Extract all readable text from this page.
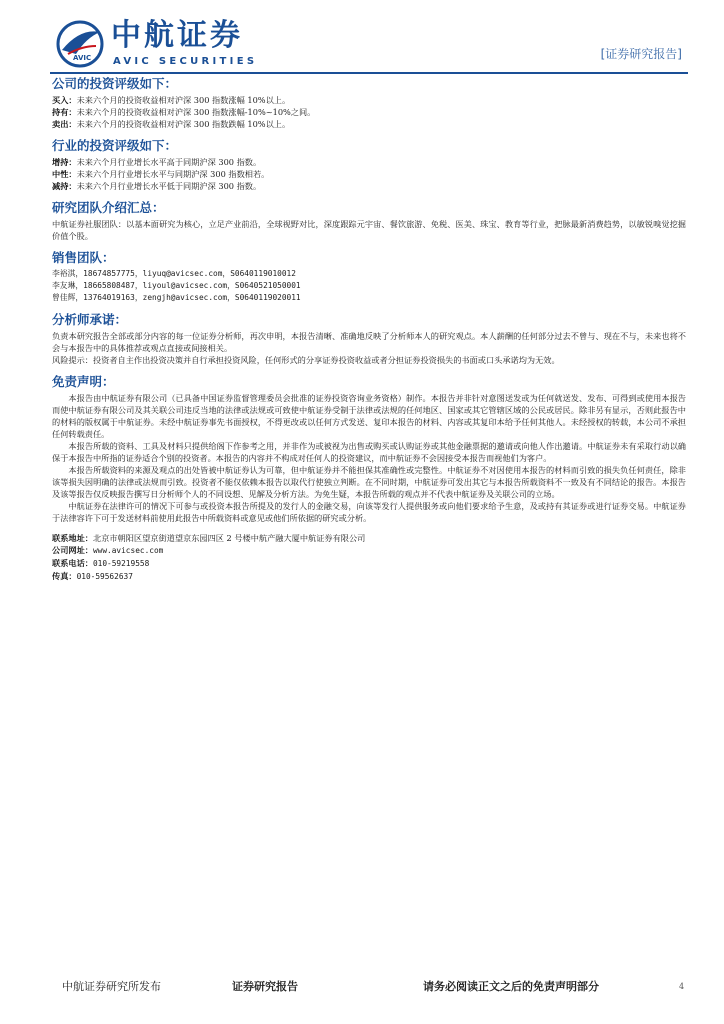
AVIC
中航证券
AVIC SECURITIES
[证券研究报告]
公司的投资评级如下：
买入：未来六个月的投资收益相对沪深 300 指数涨幅 10%以上。
持有：未来六个月的投资收益相对沪深 300 指数涨幅-10%~10%之间。
卖出：未来六个月的投资收益相对沪深 300 指数跌幅 10%以上。
行业的投资评级如下：
增持：未来六个月行业增长水平高于同期沪深 300 指数。
中性：未来六个月行业增长水平与同期沪深 300 指数相若。
减持：未来六个月行业增长水平低于同期沪深 300 指数。
研究团队介绍汇总：
中航证券社服团队：以基本面研究为核心，立足产业前沿，全球视野对比，深度跟踪元宇宙、餐饮旅游、免税、医美、珠宝、教育等行业，把脉最新消费趋势，以敏锐嗅觉挖掘价值个股。
销售团队：
李裕淇，18674857775，liyuq@avicsec.com，S0640119010012
李友琳，18665808487，liyoul@avicsec.com，S0640521050001
曾佳辉，13764019163，zengjh@avicsec.com，S0640119020011
分析师承诺：
负责本研究报告全部或部分内容的每一位证券分析师，再次申明，本报告清晰、准确地反映了分析师本人的研究观点。本人薪酬的任何部分过去不曾与、现在不与，未来也将不会与本报告中的具体推荐或观点直接或间接相关。
风险提示：投资者自主作出投资决策并自行承担投资风险，任何形式的分享证券投资收益或者分担证券投资损失的书面或口头承诺均为无效。
免责声明：
本报告由中航证券有限公司（已具备中国证券监督管理委员会批准的证券投资咨询业务资格）制作。本报告并非针对意图送发或为任何就送发、发布、可得到或使用本报告而使中航证券有限公司及其关联公司违反当地的法律或法规或可致使中航证券受制于法律或法规的任何地区、国家或其它管辖区域的公民或居民。除非另有显示，否则此报告中的材料的版权属于中航证券。未经中航证券事先书面授权，不得更改或以任何方式发送、复印本报告的材料、内容或其复印本给予任何其他人。未经授权的转载，本公司不承担任何转载责任。
本报告所载的资料、工具及材料只提供给阁下作参考之用，并非作为或被视为出售或购买或认购证券或其他金融票据的邀请或向他人作出邀请。中航证券未有采取行动以确保于本报告中所指的证券适合个别的投资者。本报告的内容并不构成对任何人的投资建议，而中航证券不会因接受本报告而视他们为客户。
本报告所载资料的来源及观点的出处皆被中航证券认为可靠，但中航证券并不能担保其准确性或完整性。中航证券不对因使用本报告的材料而引致的损失负任何责任，除非该等损失因明确的法律或法规而引致。投资者不能仅依赖本报告以取代行使独立判断。在不同时期，中航证券可发出其它与本报告所载资料不一致及有不同结论的报告。本报告及该等报告仅反映报告撰写日分析师个人的不同设想、见解及分析方法。为免生疑，本报告所载的观点并不代表中航证券及关联公司的立场。
中航证券在法律许可的情况下可参与或投资本报告所提及的发行人的金融交易，向该等发行人提供服务或向他们要求给予生意，及或持有其证券或进行证券交易。中航证券于法律容许下可于发送材料前使用此报告中所载资料或意见或他们所依据的研究或分析。
联系地址：北京市朝阳区望京街道望京东园四区 2 号楼中航产融大厦中航证券有限公司
公司网址：www.avicsec.com
联系电话：010-59219558
传真：010-59562637
中航证券研究所发布	证券研究报告	请务必阅读正文之后的免责声明部分	4
